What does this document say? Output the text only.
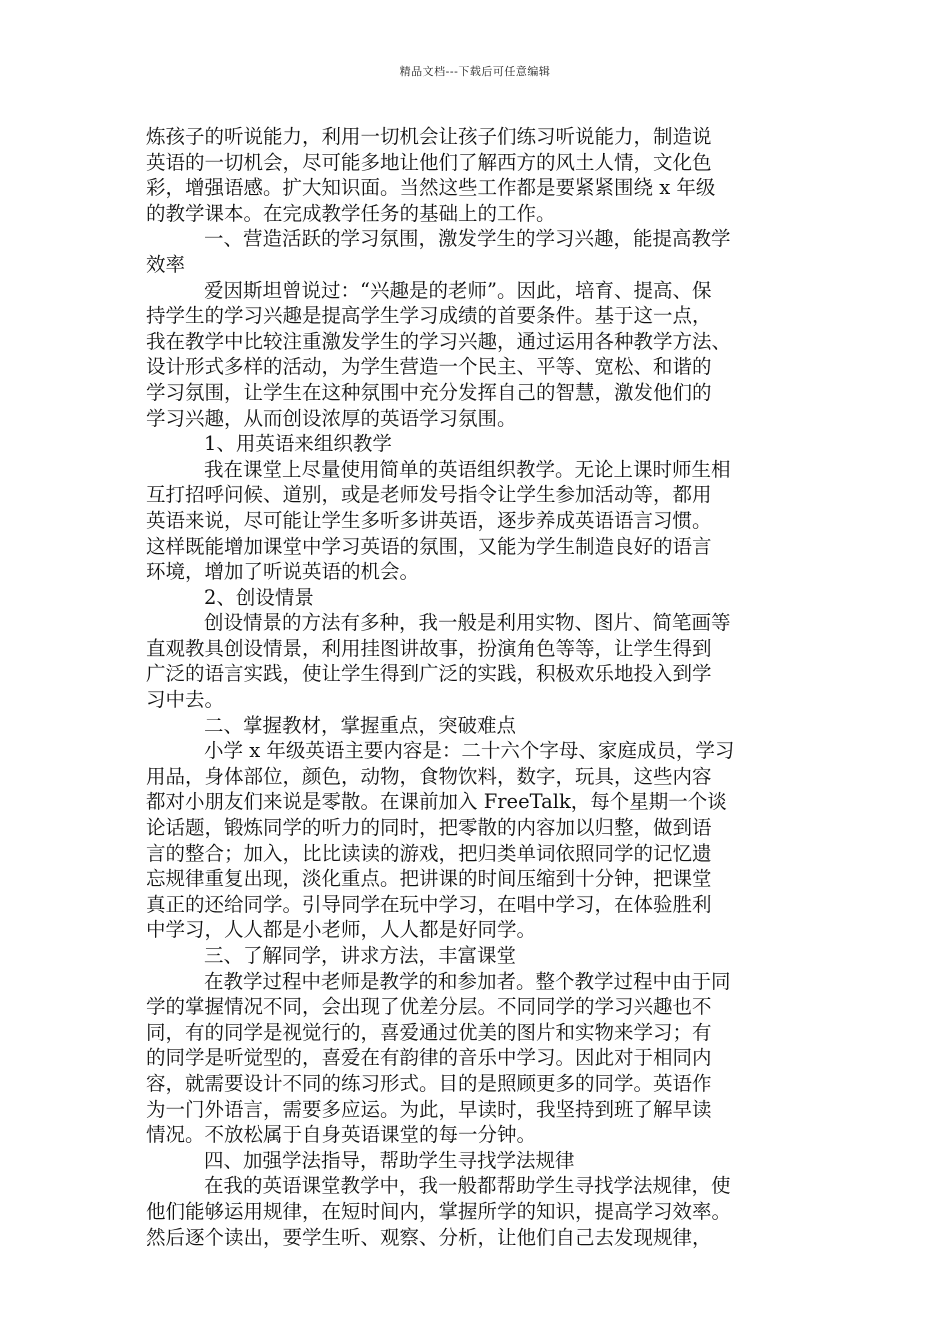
精品文档---下载后可任意编辑
炼孩子的听说能力，利用一切机会让孩子们练习听说能力，制造说
英语的一切机会，尽可能多地让他们了解西方的风土人情，文化色
彩，增强语感。扩大知识面。当然这些工作都是要紧紧围绕 x 年级
的教学课本。在完成教学任务的基础上的工作。
一、营造活跃的学习氛围，激发学生的学习兴趣，能提高教学
效率
爱因斯坦曾说过：“兴趣是的老师”。因此，培育、提高、保
持学生的学习兴趣是提高学生学习成绩的首要条件。基于这一点，
我在教学中比较注重激发学生的学习兴趣，通过运用各种教学方法、
设计形式多样的活动，为学生营造一个民主、平等、宽松、和谐的
学习氛围，让学生在这种氛围中充分发挥自己的智慧，激发他们的
学习兴趣，从而创设浓厚的英语学习氛围。
1、用英语来组织教学
我在课堂上尽量使用简单的英语组织教学。无论上课时师生相
互打招呼问候、道别，或是老师发号指令让学生参加活动等，都用
英语来说，尽可能让学生多听多讲英语，逐步养成英语语言习惯。
这样既能增加课堂中学习英语的氛围，又能为学生制造良好的语言
环境，增加了听说英语的机会。
2、创设情景
创设情景的方法有多种，我一般是利用实物、图片、简笔画等
直观教具创设情景，利用挂图讲故事，扮演角色等等，让学生得到
广泛的语言实践，使让学生得到广泛的实践，积极欢乐地投入到学
习中去。
二、掌握教材，掌握重点，突破难点
小学 x 年级英语主要内容是：二十六个字母、家庭成员，学习
用品，身体部位，颜色，动物，食物饮料，数字，玩具，这些内容
都对小朋友们来说是零散。在课前加入 FreeTalk，每个星期一个谈
论话题，锻炼同学的听力的同时，把零散的内容加以归整，做到语
言的整合；加入，比比读读的游戏，把归类单词依照同学的记忆遗
忘规律重复出现，淡化重点。把讲课的时间压缩到十分钟，把课堂
真正的还给同学。引导同学在玩中学习，在唱中学习，在体验胜利
中学习，人人都是小老师，人人都是好同学。
三、了解同学，讲求方法，丰富课堂
在教学过程中老师是教学的和参加者。整个教学过程中由于同
学的掌握情况不同，会出现了优差分层。不同同学的学习兴趣也不
同，有的同学是视觉行的，喜爱通过优美的图片和实物来学习；有
的同学是听觉型的，喜爱在有韵律的音乐中学习。因此对于相同内
容，就需要设计不同的练习形式。目的是照顾更多的同学。英语作
为一门外语言，需要多应运。为此，早读时，我坚持到班了解早读
情况。不放松属于自身英语课堂的每一分钟。
四、加强学法指导，帮助学生寻找学法规律
在我的英语课堂教学中，我一般都帮助学生寻找学法规律，使
他们能够运用规律，在短时间内，掌握所学的知识，提高学习效率。
然后逐个读出，要学生听、观察、分析，让他们自己去发现规律，
